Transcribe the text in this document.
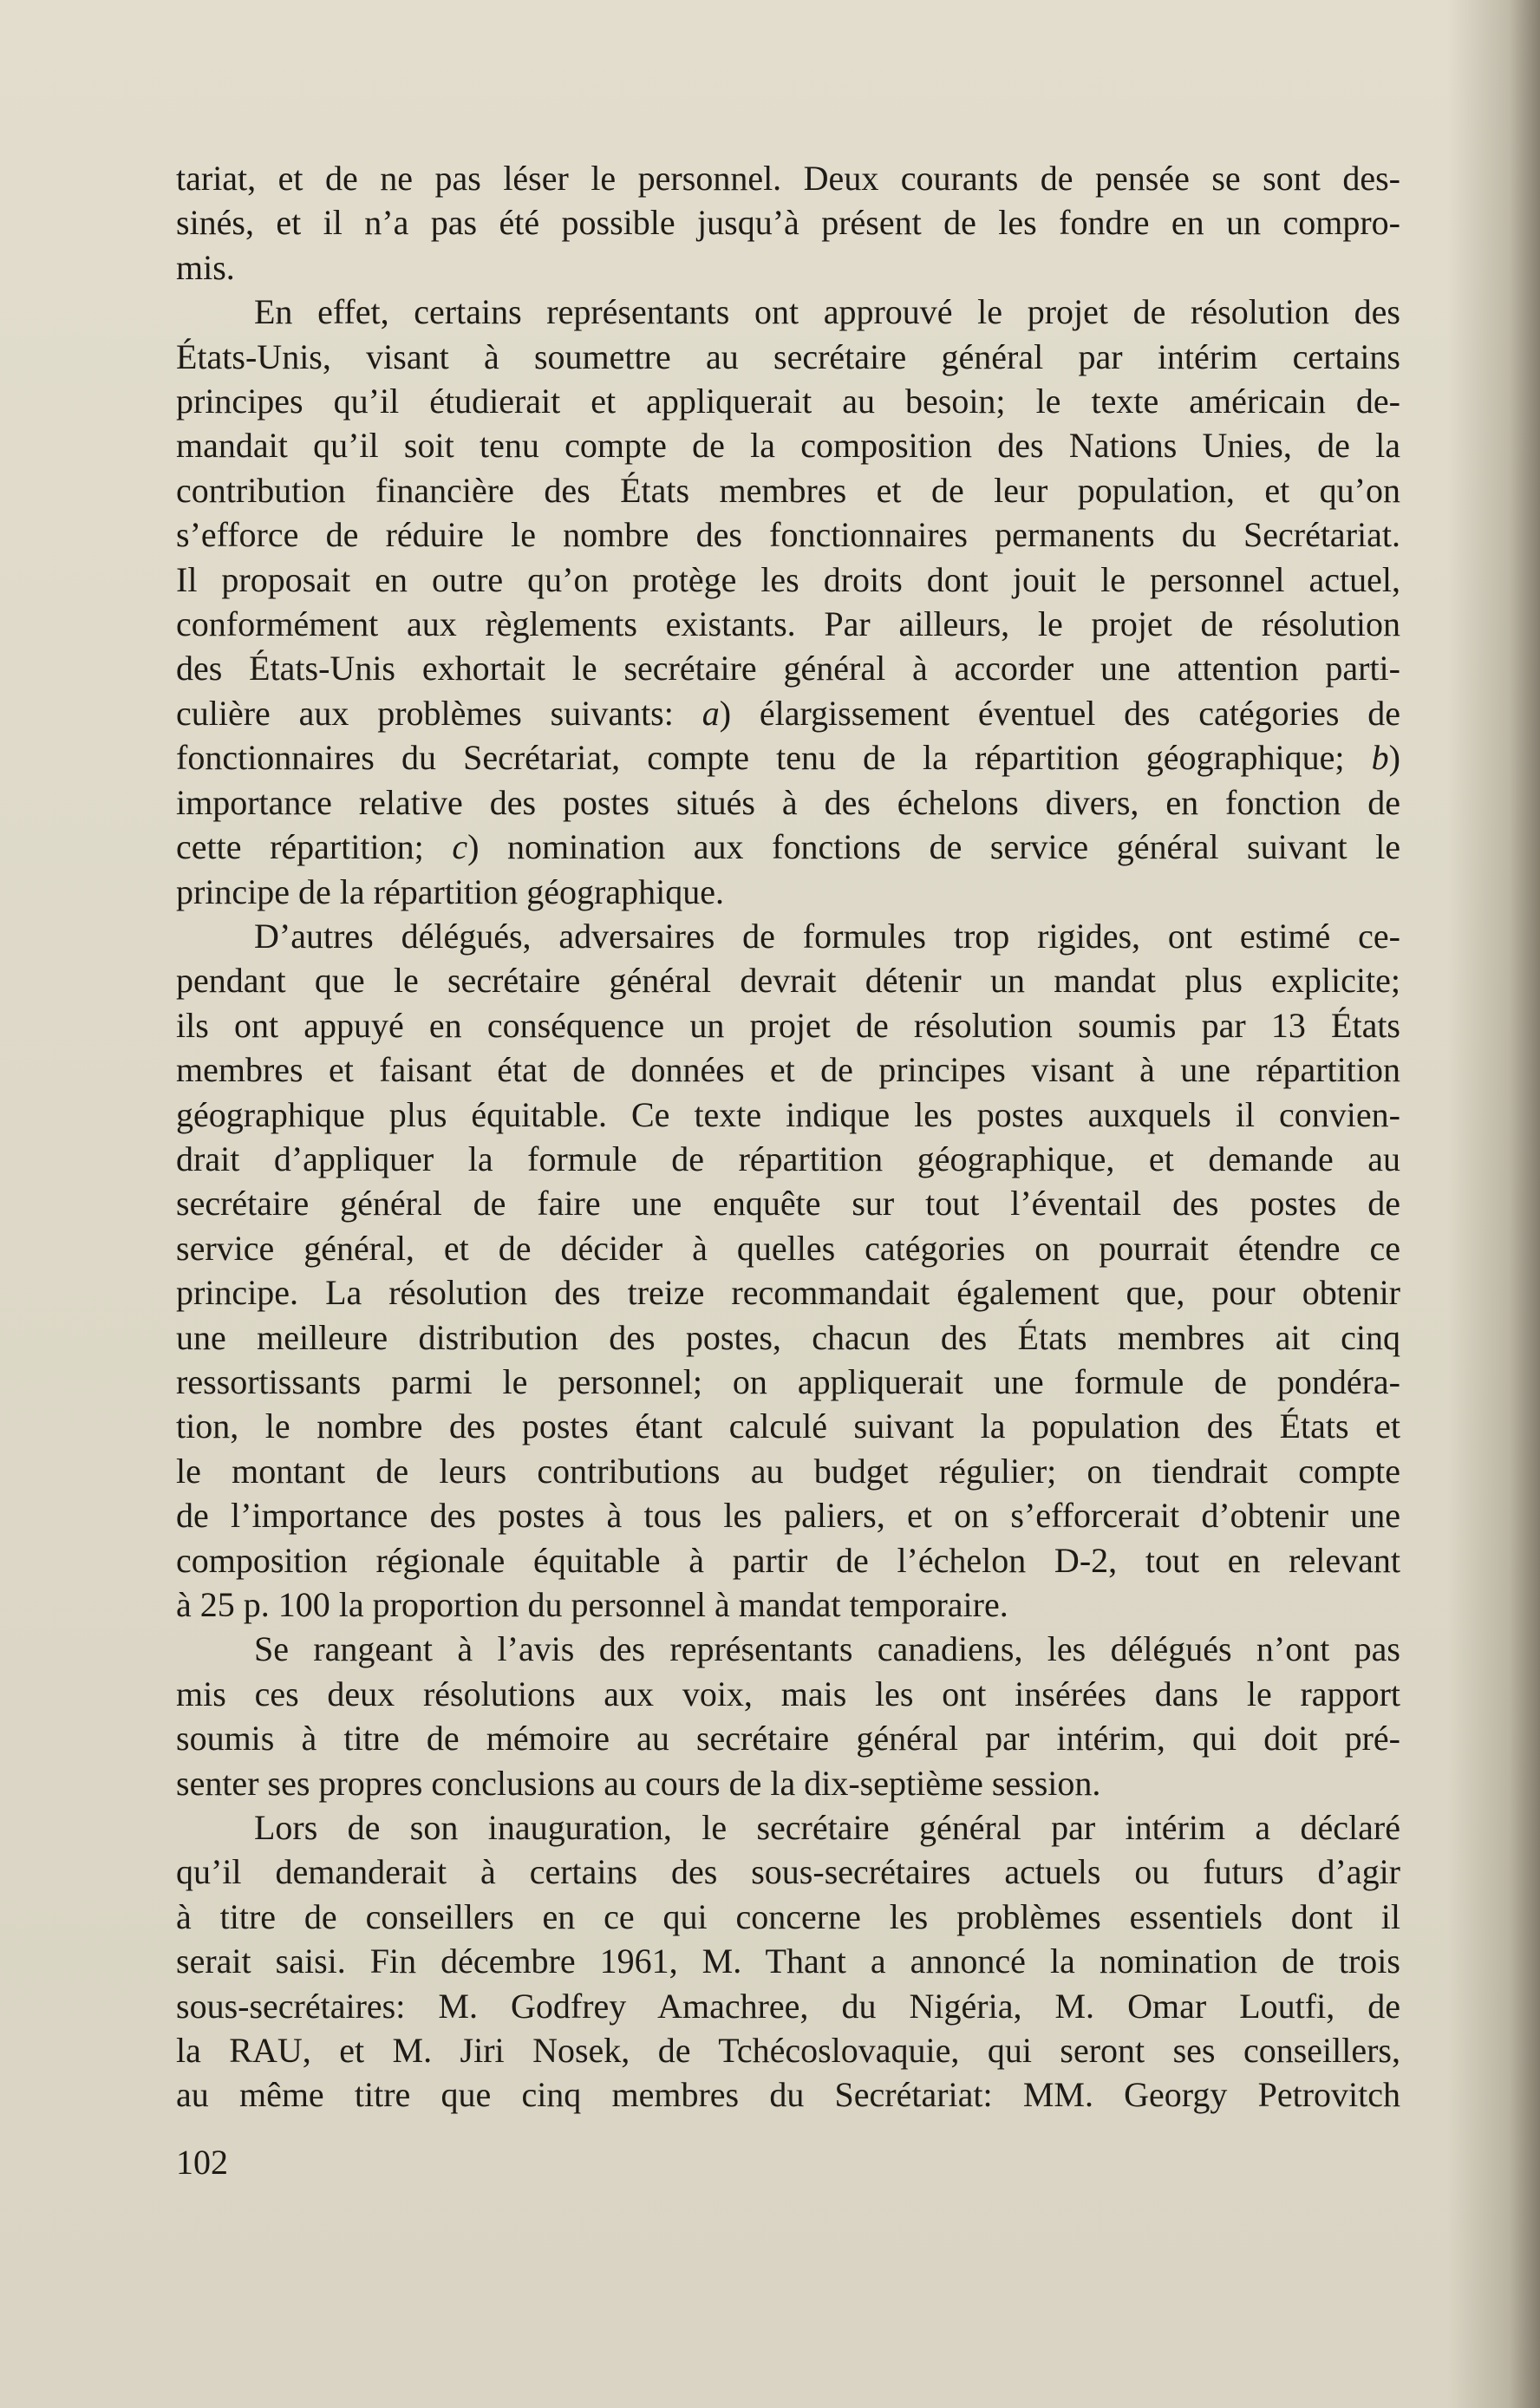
tariat, et de ne pas léser le personnel. Deux courants de pensée se sont des-

sinés, et il n’a pas été possible jusqu’à présent de les fondre en un compro-

mis.

En effet, certains représentants ont approuvé le projet de résolution des

États-Unis, visant à soumettre au secrétaire général par intérim certains

principes qu’il étudierait et appliquerait au besoin; le texte américain de-

mandait qu’il soit tenu compte de la composition des Nations Unies, de la

contribution financière des États membres et de leur population, et qu’on

s’efforce de réduire le nombre des fonctionnaires permanents du Secrétariat.

Il proposait en outre qu’on protège les droits dont jouit le personnel actuel,

conformément aux règlements existants. Par ailleurs, le projet de résolution

des États-Unis exhortait le secrétaire général à accorder une attention parti-

culière aux problèmes suivants: a) élargissement éventuel des catégories de

fonctionnaires du Secrétariat, compte tenu de la répartition géographique; b)

importance relative des postes situés à des échelons divers, en fonction de

cette répartition; c) nomination aux fonctions de service général suivant le

principe de la répartition géographique.

D’autres délégués, adversaires de formules trop rigides, ont estimé ce-

pendant que le secrétaire général devrait détenir un mandat plus explicite;

ils ont appuyé en conséquence un projet de résolution soumis par 13 États

membres et faisant état de données et de principes visant à une répartition

géographique plus équitable. Ce texte indique les postes auxquels il convien-

drait d’appliquer la formule de répartition géographique, et demande au

secrétaire général de faire une enquête sur tout l’éventail des postes de

service général, et de décider à quelles catégories on pourrait étendre ce

principe. La résolution des treize recommandait également que, pour obtenir

une meilleure distribution des postes, chacun des États membres ait cinq

ressortissants parmi le personnel; on appliquerait une formule de pondéra-

tion, le nombre des postes étant calculé suivant la population des États et

le montant de leurs contributions au budget régulier; on tiendrait compte

de l’importance des postes à tous les paliers, et on s’efforcerait d’obtenir une

composition régionale équitable à partir de l’échelon D-2, tout en relevant

à 25 p. 100 la proportion du personnel à mandat temporaire.

Se rangeant à l’avis des représentants canadiens, les délégués n’ont pas

mis ces deux résolutions aux voix, mais les ont insérées dans le rapport

soumis à titre de mémoire au secrétaire général par intérim, qui doit pré-

senter ses propres conclusions au cours de la dix-septième session.

Lors de son inauguration, le secrétaire général par intérim a déclaré

qu’il demanderait à certains des sous-secrétaires actuels ou futurs d’agir

à titre de conseillers en ce qui concerne les problèmes essentiels dont il

serait saisi. Fin décembre 1961, M. Thant a annoncé la nomination de trois

sous-secrétaires: M. Godfrey Amachree, du Nigéria, M. Omar Loutfi, de

la RAU, et M. Jiri Nosek, de Tchécoslovaquie, qui seront ses conseillers,

au même titre que cinq membres du Secrétariat: MM. Georgy Petrovitch

102
